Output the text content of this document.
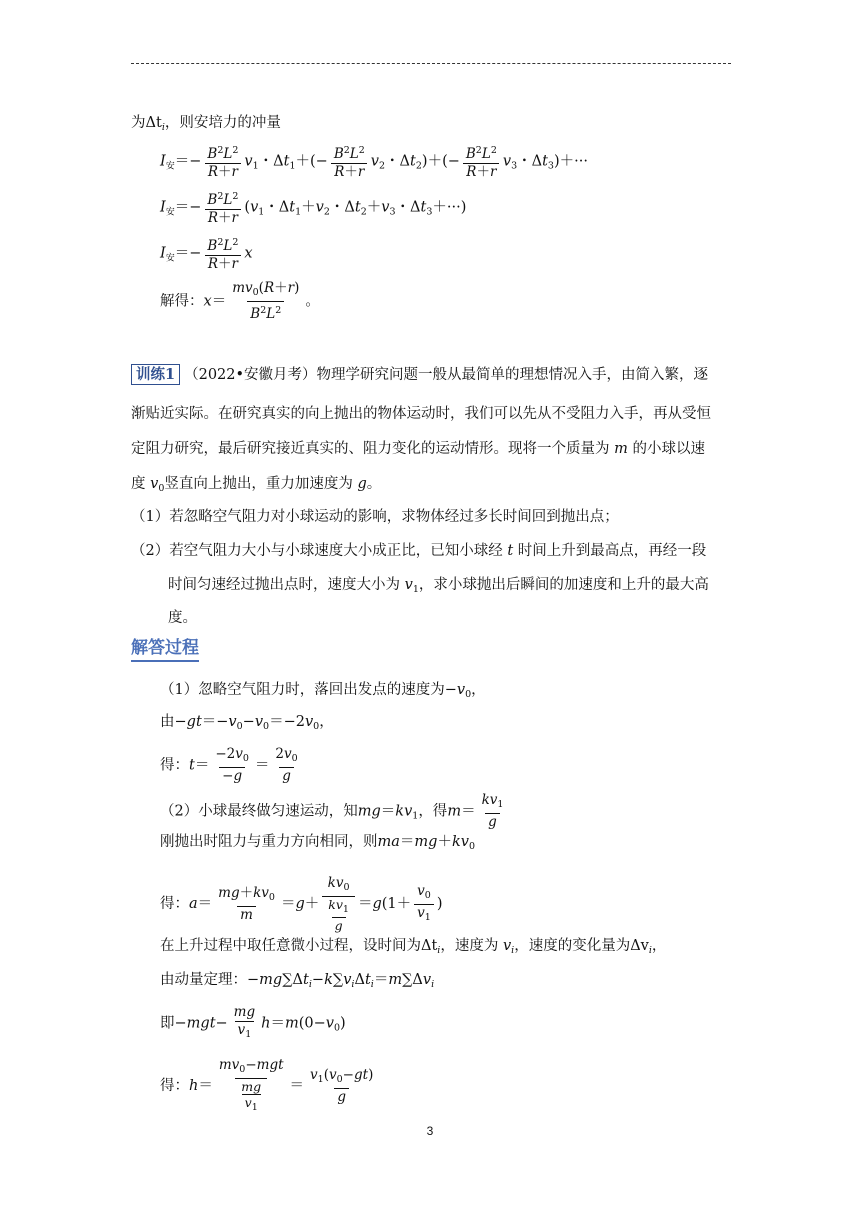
为$\Delta t_i$，则安培力的冲量
$I_安=- \frac{B^2L^2}{R+r} v_1$・$\Delta t_1+(- \frac{B^2L^2}{R+r} v_2$・$\Delta t_2)+(- \frac{B^2L^2}{R+r} v_3$・$\Delta t_3)+\cdot\cdot\cdot$
$I_安=- \frac{B^2L^2}{R+r} (v_1$・$\Delta t_1+v_2$・$\Delta t_2+v_3$・$\Delta t_3+\cdot\cdot\cdot$)
$I_安=- \frac{B^2L^2}{R+r}$ x
解得：$x= \frac{mv_0(R+r)}{B^2L^2}$ 。
训练1 （2022•安徽月考）物理学研究问题一般从最简单的理想情况入手，由简入繁，逐
渐贴近实际。在研究真实的向上抛出的物体运动时，我们可以先从不受阻力入手，再从受恒
定阻力研究，最后研究接近真实的、阻力变化的运动情形。现将一个质量为 m 的小球以速
度 $v_0$竖直向上抛出，重力加速度为 g。
（1）若忽略空气阻力对小球运动的影响，求物体经过多长时间回到抛出点；
（2）若空气阻力大小与小球速度大小成正比，已知小球经 t 时间上升到最高点，再经一段
时间匀速经过抛出点时，速度大小为 $v_1$，求小球抛出后瞬间的加速度和上升的最大高
度。
解答过程
（1）忽略空气阻力时，落回出发点的速度为$-v_0$，
由$-gt=-v_0-v_0=-2v_0$，
得：$t= \frac{-2v_0}{-g} = \frac{2v_0}{g}$
（2）小球最终做匀速运动，知$mg=kv_1$，得$m= \frac{kv_1}{g}$
刚抛出时阻力与重力方向相同，则$ma=mg+kv_0$
得：$a= \frac{mg+kv_0}{m} =g+ \frac{kv_0}{\frac{kv_1}{g}} =g(1+ \frac{v_0}{v_1}$ )
在上升过程中取任意微小过程，设时间为$\Delta t_i$，速度为 $v_i$，速度的变化量为$\Delta v_i$，
由动量定理：$-mg\sum\Delta t_i-k\sum v_i\Delta t_i=m\sum\Delta v_i$
即$-mgt- \frac{mg}{v_1} h=m(0-v_0)$
得：$h= \frac{mv_0-mgt}{\frac{mg}{v_1}} = \frac{v_1(v_0-gt)}{g}$
3
